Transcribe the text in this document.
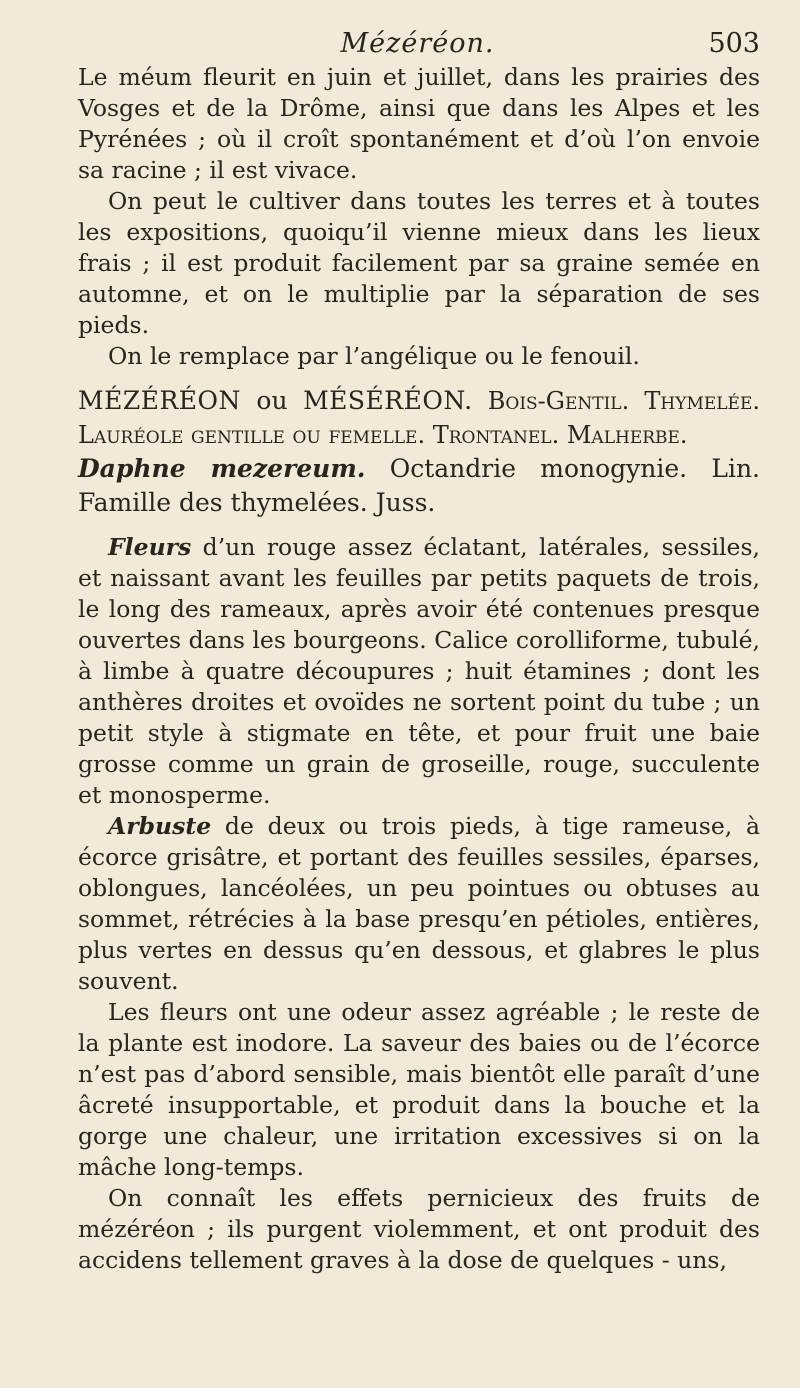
Mézéréon.	503

Le méum fleurit en juin et juillet, dans les prairies des Vosges et de la Drôme, ainsi que dans les Alpes et les Pyrénées ; où il croît spontanément et d’où l’on envoie sa racine ; il est vivace.

On peut le cultiver dans toutes les terres et à toutes les expositions, quoiqu’il vienne mieux dans les lieux frais ; il est produit facilement par sa graine semée en automne, et on le multiplie par la séparation de ses pieds.

On le remplace par l’angélique ou le fenouil.

MÉZÉRÉON ou MÉSÉRÉON. Bois-Gentil. Thymelée. Lauréole gentille ou femelle. Trontanel. Malherbe.
Daphne mezereum. Octandrie monogynie. Lin. Famille des thymelées. Juss.

Fleurs d’un rouge assez éclatant, latérales, sessiles, et naissant avant les feuilles par petits paquets de trois, le long des rameaux, après avoir été contenues presque ouvertes dans les bourgeons. Calice corolliforme, tubulé, à limbe à quatre découpures ; huit étamines ; dont les anthères droites et ovoïdes ne sortent point du tube ; un petit style à stigmate en tête, et pour fruit une baie grosse comme un grain de groseille, rouge, succulente et monosperme.

Arbuste de deux ou trois pieds, à tige rameuse, à écorce grisâtre, et portant des feuilles sessiles, éparses, oblongues, lancéolées, un peu pointues ou obtuses au sommet, rétrécies à la base presqu’en pétioles, entières, plus vertes en dessus qu’en dessous, et glabres le plus souvent.

Les fleurs ont une odeur assez agréable ; le reste de la plante est inodore. La saveur des baies ou de l’écorce n’est pas d’abord sensible, mais bientôt elle paraît d’une âcreté insupportable, et produit dans la bouche et la gorge une chaleur, une irritation excessives si on la mâche long-temps.

On connaît les effets pernicieux des fruits de mézéréon ; ils purgent violemment, et ont produit des accidens tellement graves à la dose de quelques - uns,
